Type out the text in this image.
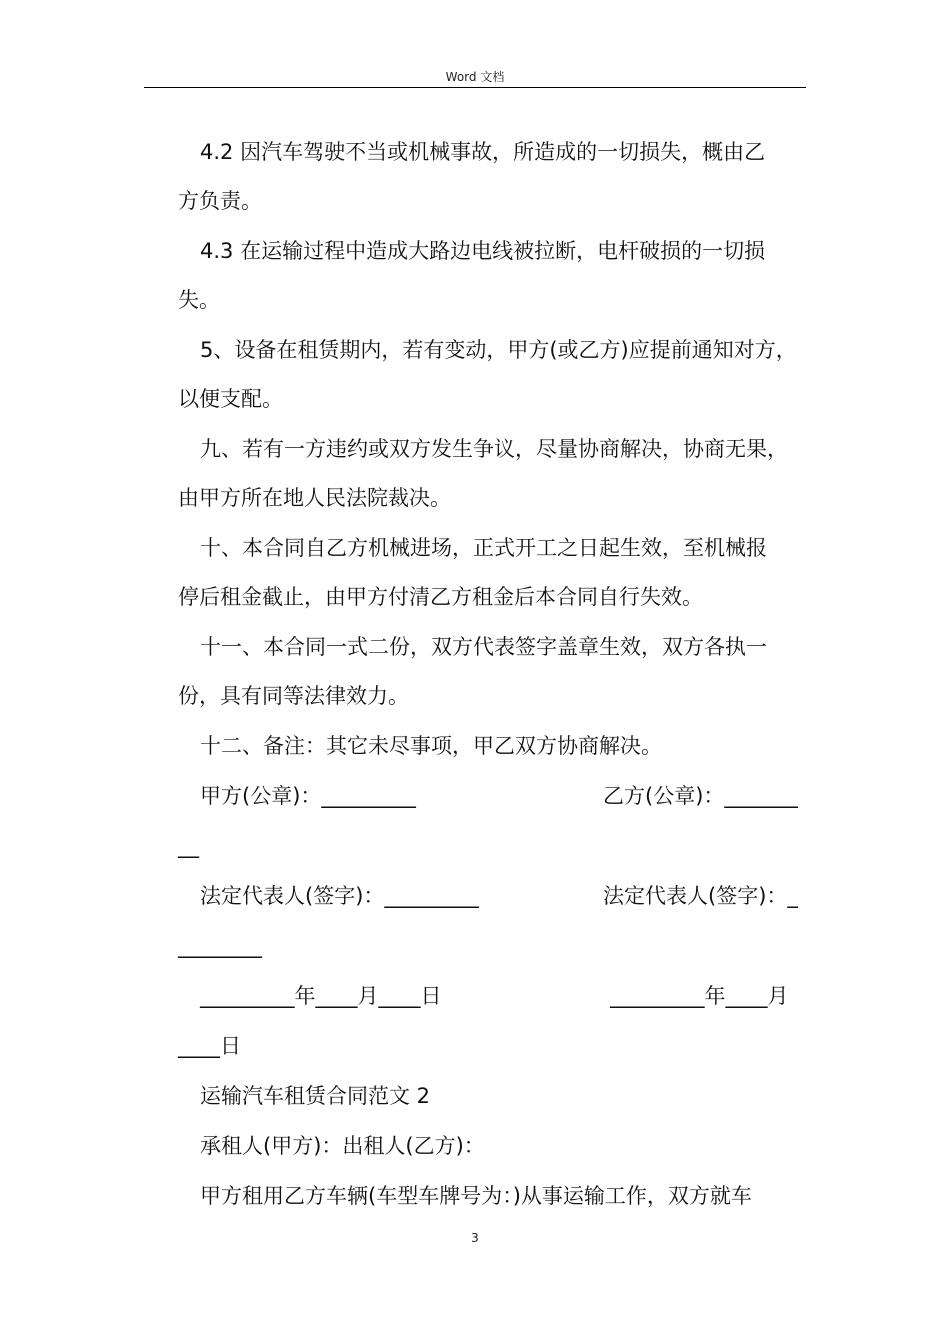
Word 文档
4.2 因汽车驾驶不当或机械事故，所造成的一切损失，概由乙
方负责。
4.3 在运输过程中造成大路边电线被拉断，电杆破损的一切损
失。
5、设备在租赁期内，若有变动，甲方(或乙方)应提前通知对方，
以便支配。
九、若有一方违约或双方发生争议，尽量协商解决，协商无果，
由甲方所在地人民法院裁决。
十、本合同自乙方机械进场，正式开工之日起生效，至机械报
停后租金截止，由甲方付清乙方租金后本合同自行失效。
十一、本合同一式二份，双方代表签字盖章生效，双方各执一
份，具有同等法律效力。
十二、备注：其它未尽事项，甲乙双方协商解决。
甲方(公章)：_________	乙方(公章)：_______
__
法定代表人(签字)：_________	法定代表人(签字)：_
________
_________年____月____日	_________年____月
____日
运输汽车租赁合同范文 2
承租人(甲方)：出租人(乙方)：
甲方租用乙方车辆(车型车牌号为：)从事运输工作，双方就车
3
